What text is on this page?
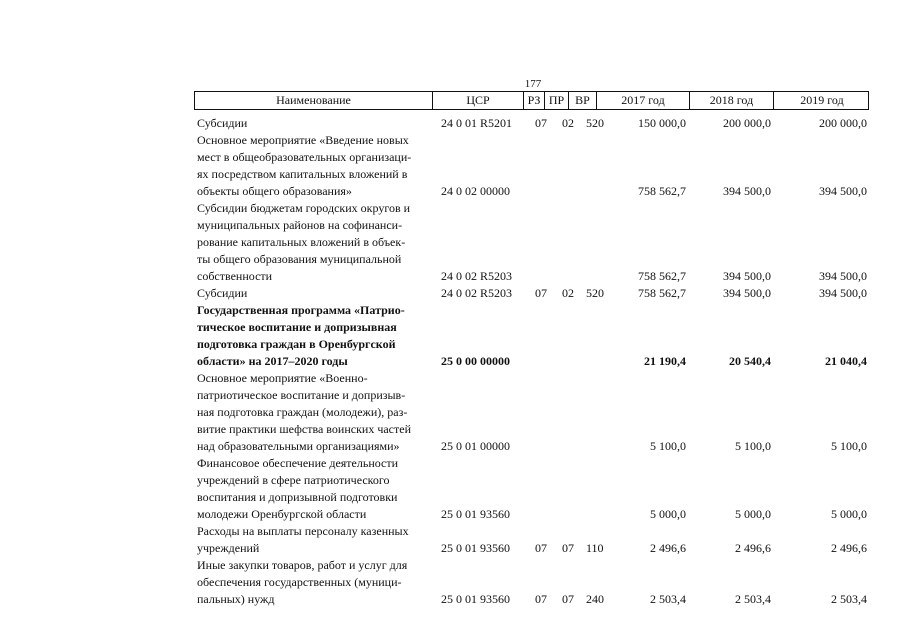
177
Наименование	ЦСР	РЗ ПР ВР	2017 год	2018 год	2019 год
Субсидии	24 0 01 R5201 07 02 520	150 000,0	200 000,0	200 000,0
Основное мероприятие «Введение новых
мест в общеобразовательных организаци-
ях посредством капитальных вложений в
объекты общего образования»	24 0 02 00000	758 562,7	394 500,0	394 500,0
Субсидии бюджетам городских округов и
муниципальных районов на софинанси-
рование капитальных вложений в объек-
ты общего образования муниципальной
собственности	24 0 02 R5203	758 562,7	394 500,0	394 500,0
Субсидии	24 0 02 R5203 07 02 520	758 562,7	394 500,0	394 500,0
Государственная программа «Патрио-
тическое воспитание и допризывная
подготовка граждан в Оренбургской
области» на 2017–2020 годы	25 0 00 00000	21 190,4	20 540,4	21 040,4
Основное мероприятие «Военно-
патриотическое воспитание и допризыв-
ная подготовка граждан (молодежи), раз-
витие практики шефства воинских частей
над образовательными организациями»	25 0 01 00000	5 100,0	5 100,0	5 100,0
Финансовое обеспечение деятельности
учреждений в сфере патриотического
воспитания и допризывной подготовки
молодежи Оренбургской области	25 0 01 93560	5 000,0	5 000,0	5 000,0
Расходы на выплаты персоналу казенных
учреждений	25 0 01 93560 07 07 110	2 496,6	2 496,6	2 496,6
Иные закупки товаров, работ и услуг для
обеспечения государственных (муници-
пальных) нужд	25 0 01 93560 07 07 240	2 503,4	2 503,4	2 503,4
